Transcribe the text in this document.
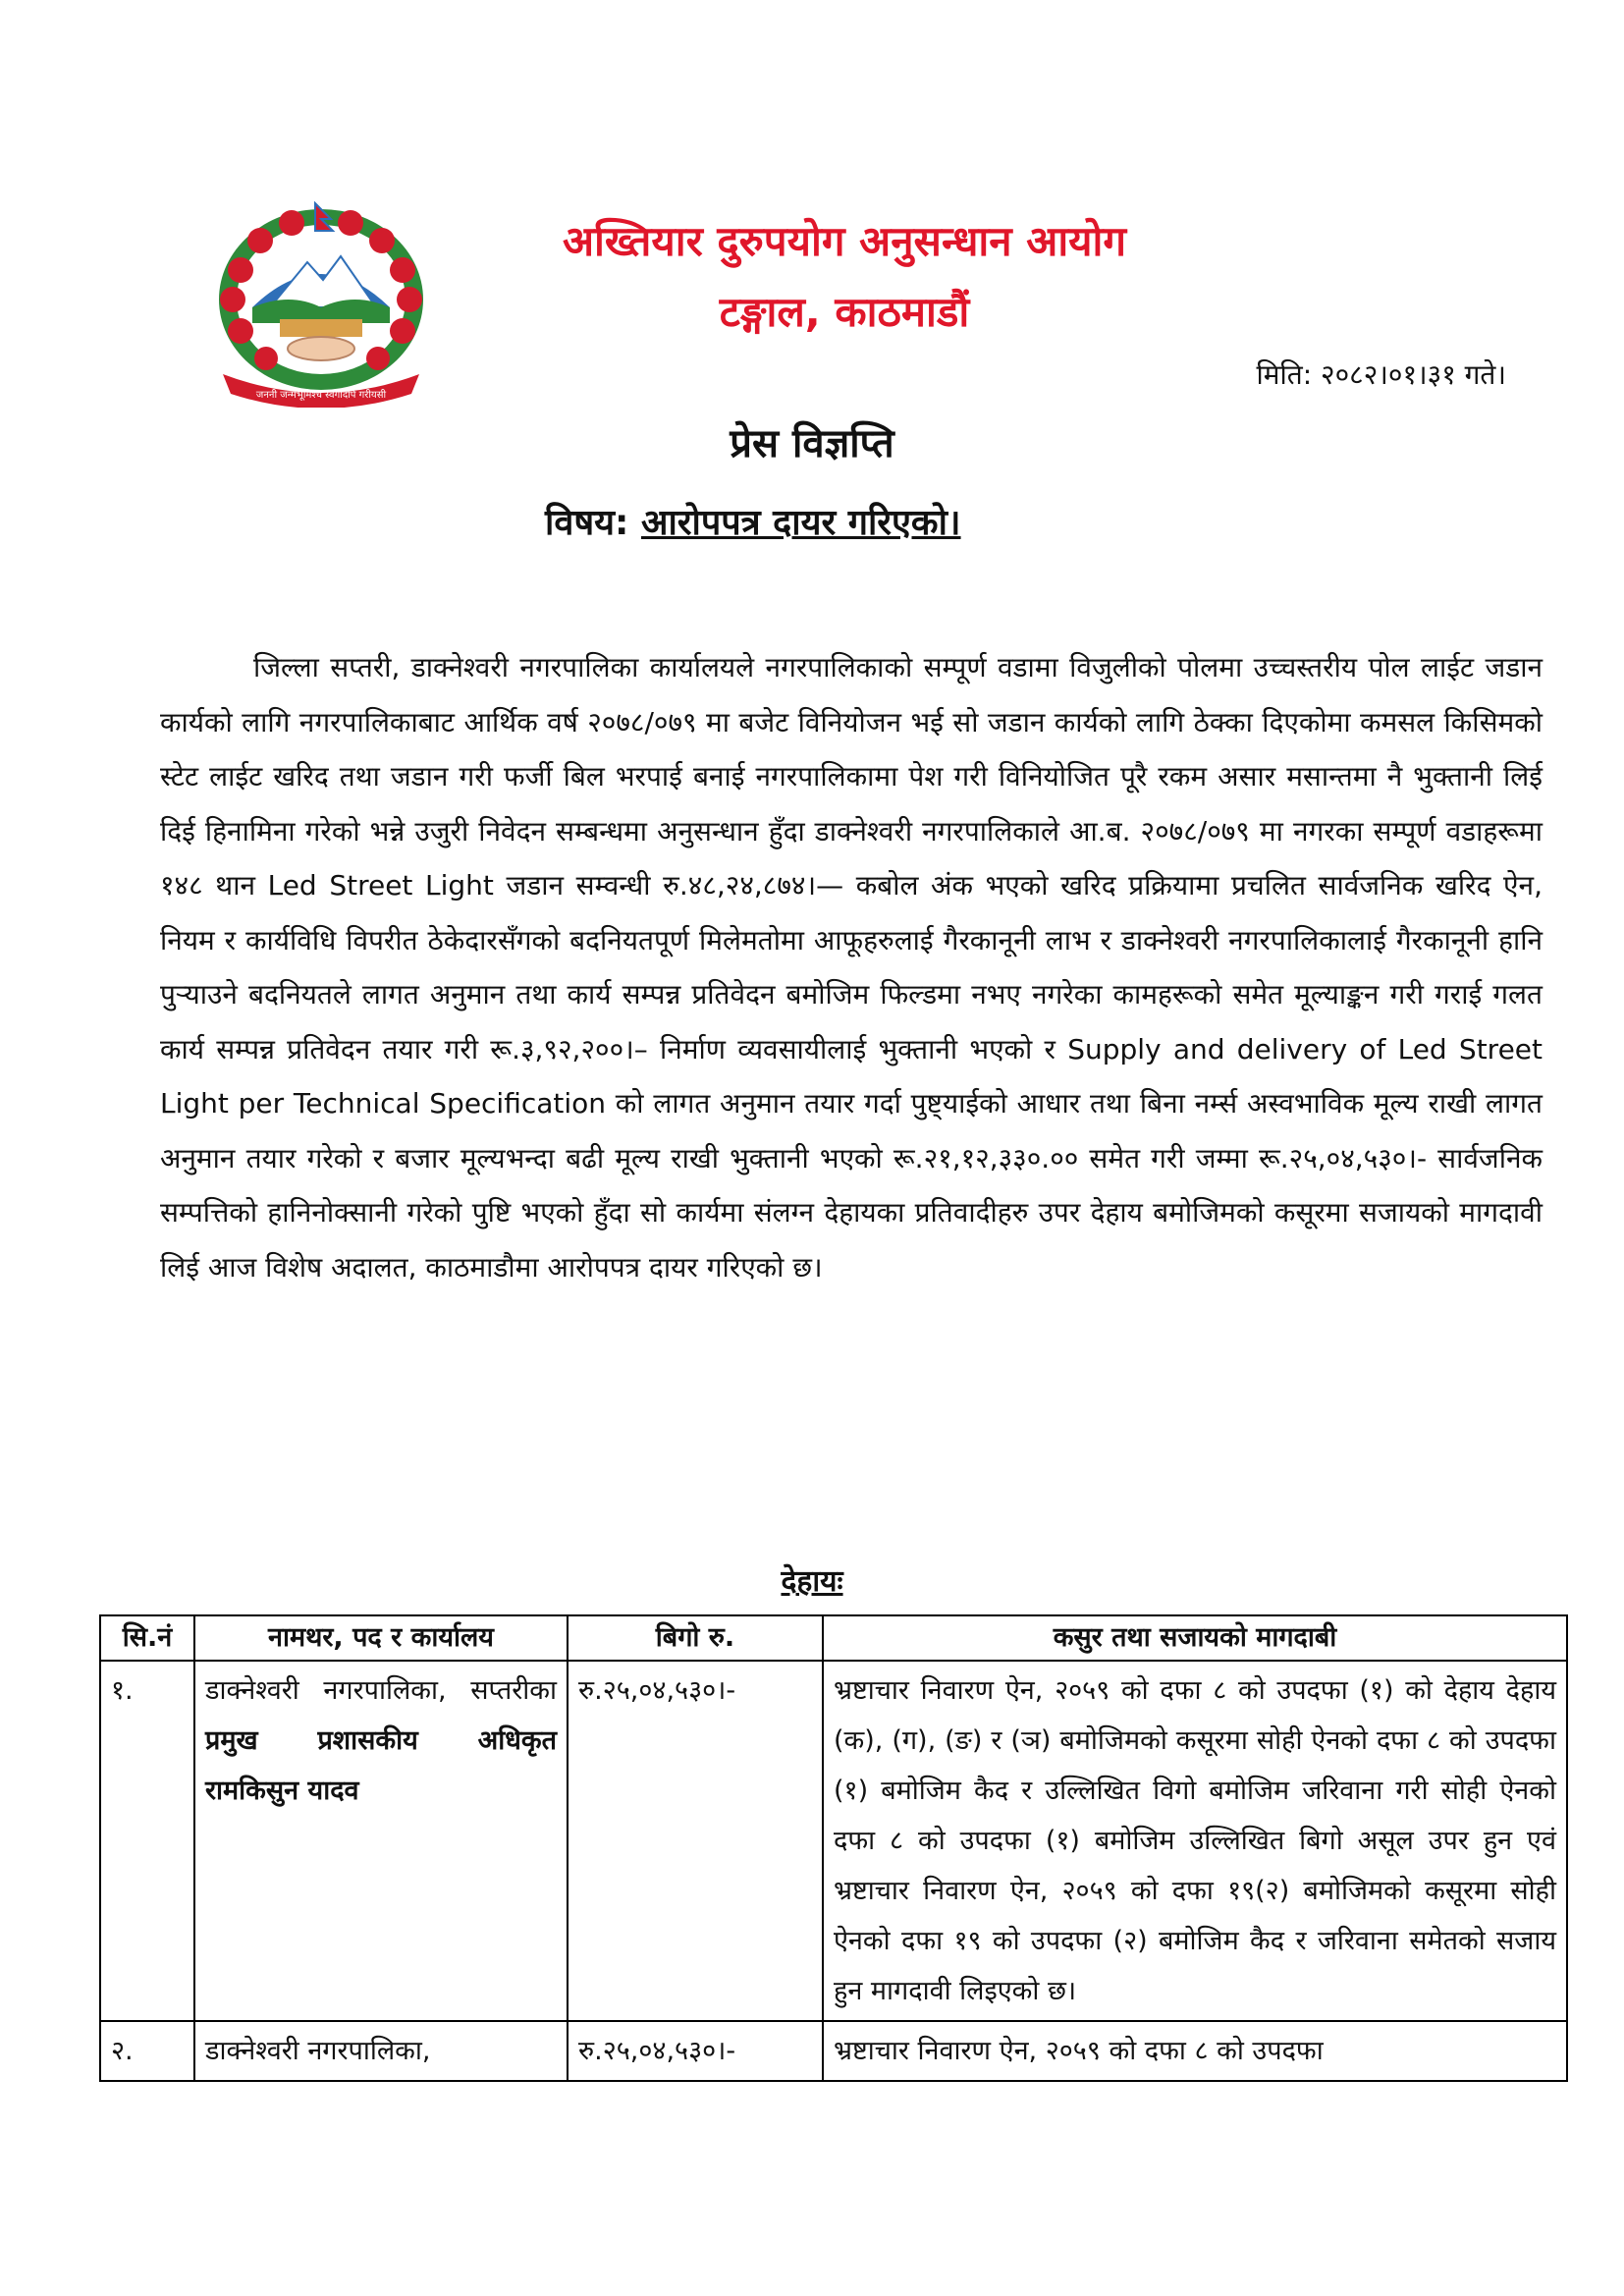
जननी जन्मभूमिश्च स्वर्गादपि गरीयसी
अख्तियार दुरुपयोग अनुसन्धान आयोग
टङ्गाल, काठमाडौं
मिति: २०८२।०१।३१ गते।
प्रेस विज्ञप्ति
विषय: आरोपपत्र दायर गरिएको।

जिल्ला सप्तरी, डाक्नेश्वरी नगरपालिका कार्यालयले नगरपालिकाको सम्पूर्ण वडामा विजुलीको पोलमा उच्चस्तरीय पोल लाईट जडान कार्यको लागि नगरपालिकाबाट आर्थिक वर्ष २०७८/०७९ मा बजेट विनियोजन भई सो जडान कार्यको लागि ठेक्का दिएकोमा कमसल किसिमको स्टेट लाईट खरिद तथा जडान गरी फर्जी बिल भरपाई बनाई नगरपालिकामा पेश गरी विनियोजित पूरै रकम असार मसान्तमा नै भुक्तानी लिई दिई हिनामिना गरेको भन्ने उजुरी निवेदन सम्बन्धमा अनुसन्धान हुँदा डाक्नेश्वरी नगरपालिकाले आ.ब. २०७८/०७९ मा नगरका सम्पूर्ण वडाहरूमा १४८ थान Led Street Light जडान सम्वन्धी रु.४८,२४,८७४।— कबोल अंक भएको खरिद प्रक्रियामा प्रचलित सार्वजनिक खरिद ऐन, नियम र कार्यविधि विपरीत ठेकेदारसँगको बदनियतपूर्ण मिलेमतोमा आफूहरुलाई गैरकानूनी लाभ र डाक्नेश्वरी नगरपालिकालाई गैरकानूनी हानि पुर्‍याउने बदनियतले लागत अनुमान तथा कार्य सम्पन्न प्रतिवेदन बमोजिम फिल्डमा नभए नगरेका कामहरूको समेत मूल्याङ्कन गरी गराई गलत कार्य सम्पन्न प्रतिवेदन तयार गरी रू.३,९२,२००।– निर्माण व्यवसायीलाई भुक्तानी भएको र Supply and delivery of Led Street Light per Technical Specification को लागत अनुमान तयार गर्दा पुष्ट्याईको आधार तथा बिना नर्म्स अस्वभाविक मूल्य राखी लागत अनुमान तयार गरेको र बजार मूल्यभन्दा बढी मूल्य राखी भुक्तानी भएको रू.२१,१२,३३०.०० समेत गरी जम्मा रू.२५,०४,५३०।- सार्वजनिक सम्पत्तिको हानिनोक्सानी गरेको पुष्टि भएको हुँदा सो कार्यमा संलग्न देहायका प्रतिवादीहरु उपर देहाय बमोजिमको कसूरमा सजायको मागदावी लिई आज विशेष अदालत, काठमाडौमा आरोपपत्र दायर गरिएको छ।

देहायः
सि.नं	नामथर, पद र कार्यालय	बिगो रु.	कसुर तथा सजायको मागदाबी
१.	डाक्नेश्वरी नगरपालिका, सप्तरीका प्रमुख प्रशासकीय अधिकृत रामकिसुन यादव	रु.२५,०४,५३०।-	भ्रष्टाचार निवारण ऐन, २०५९ को दफा ८ को उपदफा (१) को देहाय देहाय (क), (ग), (ङ) र (ञ) बमोजिमको कसूरमा सोही ऐनको दफा ८ को उपदफा (१) बमोजिम कैद र उल्लिखित विगो बमोजिम जरिवाना गरी सोही ऐनको दफा ८ को उपदफा (१) बमोजिम उल्लिखित बिगो असूल उपर हुन एवं भ्रष्टाचार निवारण ऐन, २०५९ को दफा १९(२) बमोजिमको कसूरमा सोही ऐनको दफा १९ को उपदफा (२) बमोजिम कैद र जरिवाना समेतको सजाय हुन मागदावी लिइएको छ।
२.	डाक्नेश्वरी नगरपालिका,	रु.२५,०४,५३०।-	भ्रष्टाचार निवारण ऐन, २०५९ को दफा ८ को उपदफा
